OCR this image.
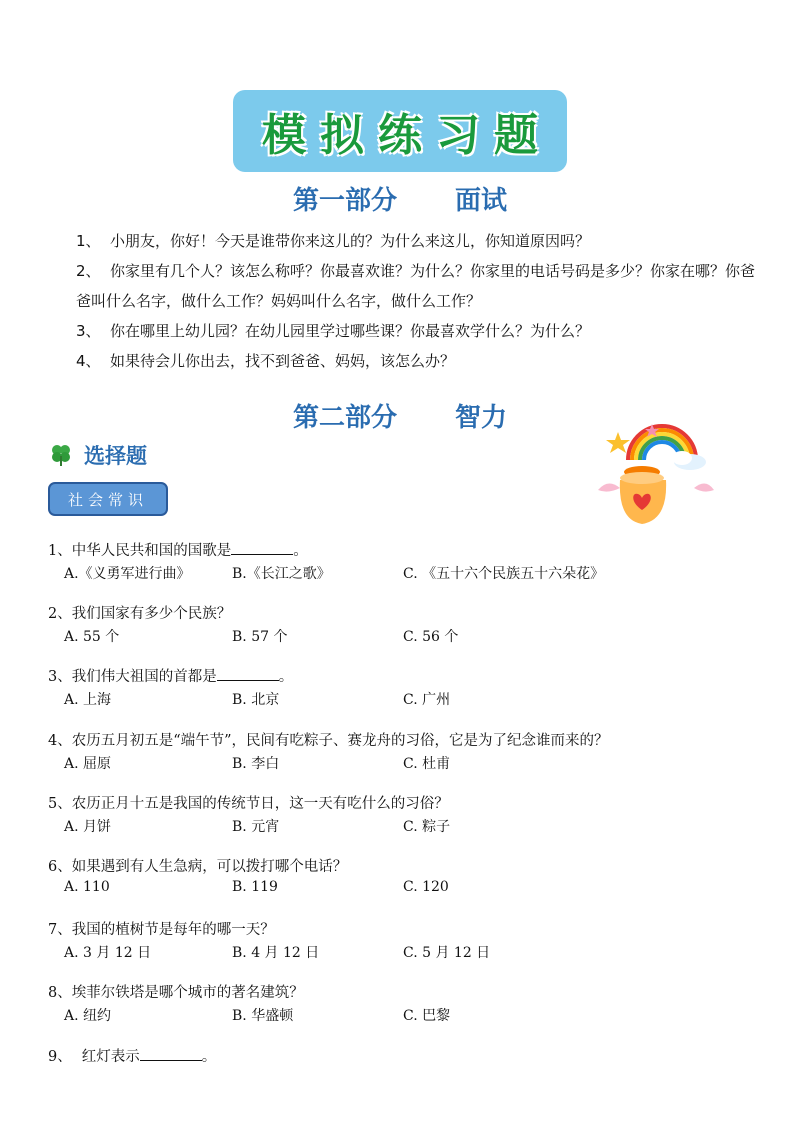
模拟练习题
第一部分 面试
1、 小朋友，你好！今天是谁带你来这儿的？为什么来这儿，你知道原因吗？
2、 你家里有几个人？该怎么称呼？你最喜欢谁？为什么？你家里的电话号码是多少？你家在哪？你爸爸叫什么名字，做什么工作？妈妈叫什么名字，做什么工作？
3、 你在哪里上幼儿园？在幼儿园里学过哪些课？你最喜欢学什么？为什么？
4、 如果待会儿你出去，找不到爸爸、妈妈，该怎么办？
第二部分 智力
选择题
社会常识
1、中华人民共和国的国歌是	。
A.《义勇军进行曲》	B.《长江之歌》	C. 《五十六个民族五十六朵花》
2、我们国家有多少个民族？
A. 55 个	B. 57 个	C. 56 个
3、我们伟大祖国的首都是	。
A. 上海	B. 北京	C. 广州
4、农历五月初五是“端午节”，民间有吃粽子、赛龙舟的习俗，它是为了纪念谁而来的？
A. 屈原	B. 李白	C. 杜甫
5、农历正月十五是我国的传统节日，这一天有吃什么的习俗？
A. 月饼	B. 元宵	C. 粽子
6、如果遇到有人生急病，可以拨打哪个电话？
A. 110	B. 119	C. 120
7、我国的植树节是每年的哪一天？
A. 3 月 12 日	B. 4 月 12 日	C. 5 月 12 日
8、埃菲尔铁塔是哪个城市的著名建筑？
A. 纽约	B. 华盛顿	C. 巴黎
9、 红灯表示	。
